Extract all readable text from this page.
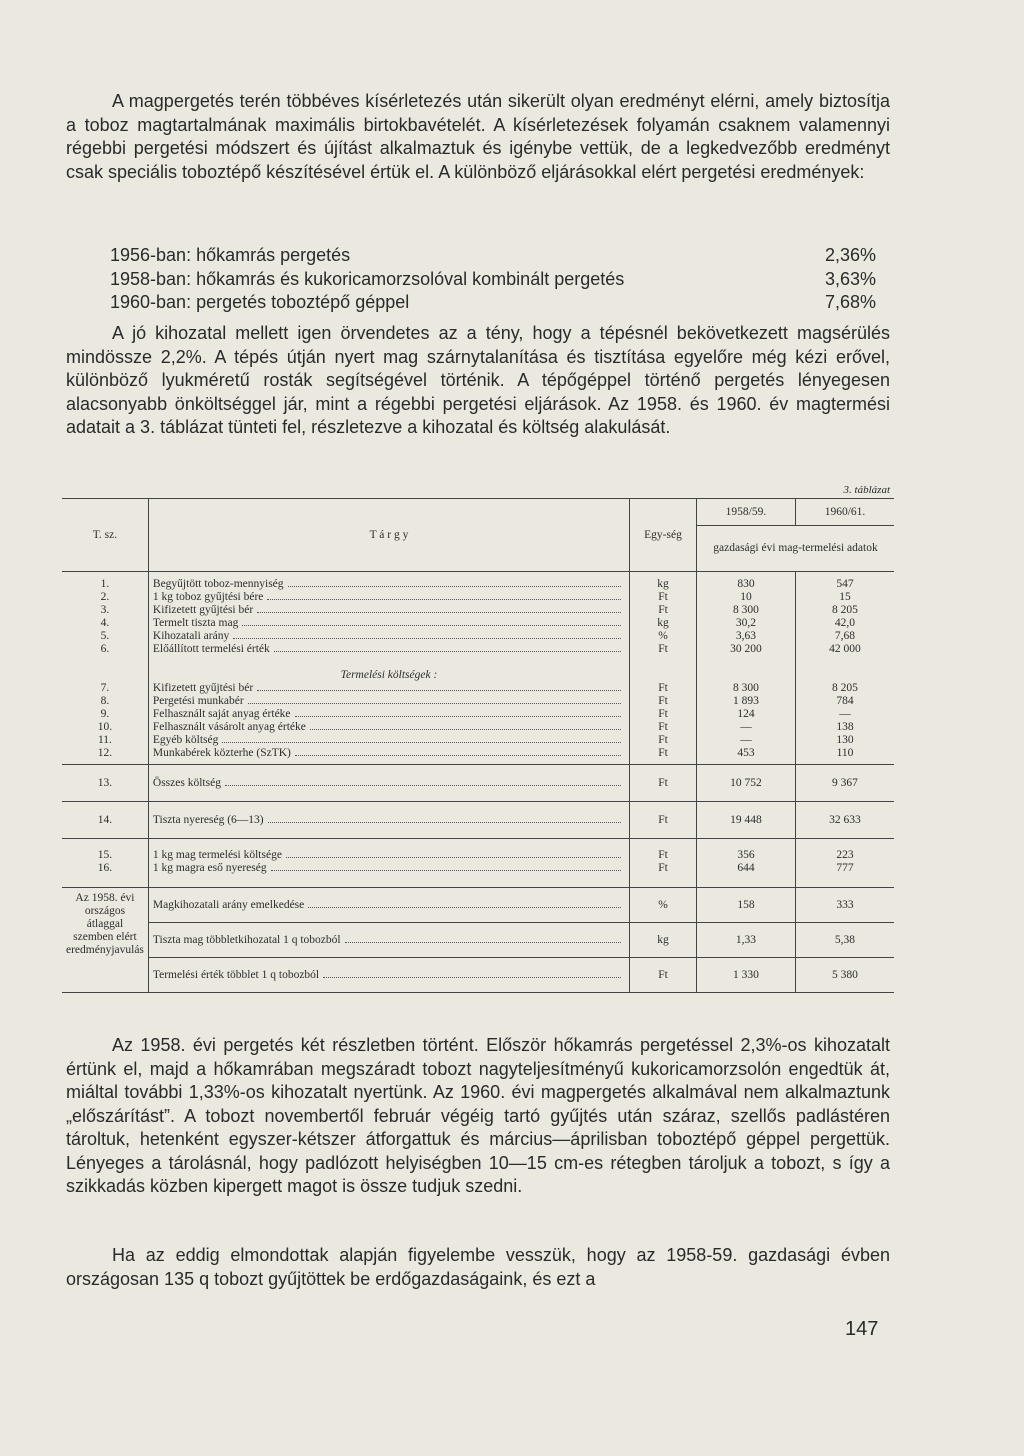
A magpergetés terén többéves kísérletezés után sikerült olyan eredményt elérni, amely biztosítja a toboz magtartalmának maximális birtokbavételét. A kísérletezések folyamán csaknem valamennyi régebbi pergetési módszert és újítást alkalmaztuk és igénybe vettük, de a legkedvezőbb eredményt csak speciális toboztépő készítésével értük el. A különböző eljárásokkal elért pergetési eredmények:

1956-ban: hőkamrás pergetés	2,36%
1958-ban: hőkamrás és kukoricamorzsolóval kombinált pergetés	3,63%
1960-ban: pergetés toboztépő géppel	7,68%

A jó kihozatal mellett igen örvendetes az a tény, hogy a tépésnél bekövetkezett magsérülés mindössze 2,2%. A tépés útján nyert mag szárnytalanítása és tisztítása egyelőre még kézi erővel, különböző lyukméretű rosták segítségével történik. A tépőgéppel történő pergetés lényegesen alacsonyabb önköltséggel jár, mint a régebbi pergetési eljárások. Az 1958. és 1960. év magtermési adatait a 3. táblázat tünteti fel, részletezve a kihozatal és költség alakulását.

3. táblázat
T. sz.	T á r g y	Egy-ség	1958/59.	1960/61.
			gazdasági évi mag-termelési adatok	
1.	Begyűjtött toboz-mennyiség	kg	830	547
2.	1 kg toboz gyűjtési bére	Ft	10	15
3.	Kifizetett gyűjtési bér	Ft	8 300	8 205
4.	Termelt tiszta mag	kg	30,2	42,0
5.	Kihozatali arány	%	3,63	7,68
6.	Előállított termelési érték	Ft	30 200	42 000
	Termelési költségek :			
7.	Kifizetett gyűjtési bér	Ft	8 300	8 205
8.	Pergetési munkabér	Ft	1 893	784
9.	Felhasznált saját anyag értéke	Ft	124	—
10.	Felhasznált vásárolt anyag értéke	Ft	—	138
11.	Egyéb költség	Ft	—	130
12.	Munkabérek közterhe (SzTK)	Ft	453	110
13.	Összes költség	Ft	10 752	9 367
14.	Tiszta nyereség (6—13)	Ft	19 448	32 633
15.	1 kg mag termelési költsége	Ft	356	223
16.	1 kg magra eső nyereség	Ft	644	777
Az 1958. évi országos átlaggal szemben elért eredményjavulás	Magkihozatali arány emelkedése	%	158	333

	Tiszta mag többletkihozatal 1 q tobozból	kg	1,33	5,38

	Termelési érték többlet 1 q tobozból	Ft	1 330	5 380

Az 1958. évi pergetés két részletben történt. Először hőkamrás pergetéssel 2,3%-os kihozatalt értünk el, majd a hőkamrában megszáradt tobozt nagyteljesítményű kukoricamorzsolón engedtük át, miáltal további 1,33%-os kihozatalt nyertünk. Az 1960. évi magpergetés alkalmával nem alkalmaztunk „előszárítást”. A tobozt novembertől február végéig tartó gyűjtés után száraz, szellős padlástéren tároltuk, hetenként egyszer-kétszer átforgattuk és március—áprilisban toboztépő géppel pergettük. Lényeges a tárolásnál, hogy padlózott helyiségben 10—15 cm-es rétegben tároljuk a tobozt, s így a szikkadás közben kipergett magot is össze tudjuk szedni.

Ha az eddig elmondottak alapján figyelembe vesszük, hogy az 1958-59. gazdasági évben országosan 135 q tobozt gyűjtöttek be erdőgazdaságaink, és ezt a

147
